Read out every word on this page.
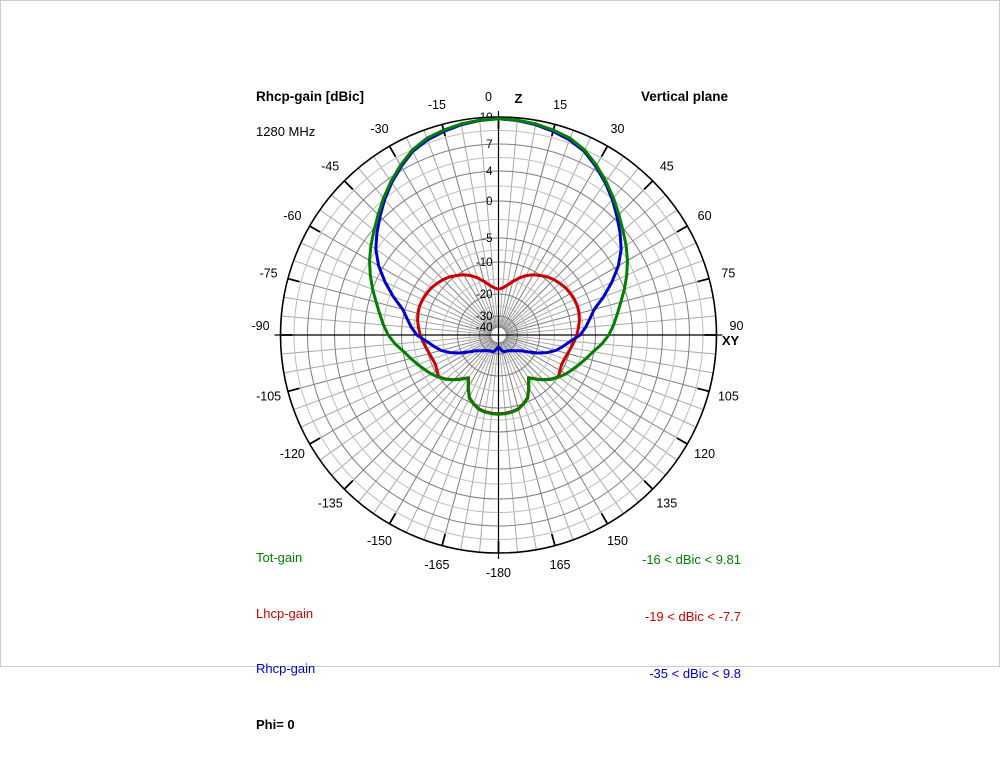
0
15
30
45
60
75
90
105
120
135
150
165
-180
-15
-30
-45
-60
-75
-90
-105
-120
-135
-150
-165
Z
XY
10
7
4
0
-5
-10
-20
-30
-40
Rhcp-gain [dBic]
1280 MHz
Vertical plane

Tot-gain

Lhcp-gain

Rhcp-gain

Phi= 0

-16 < dBic < 9.81

-19 < dBic < -7.7

-35 < dBic < 9.8
